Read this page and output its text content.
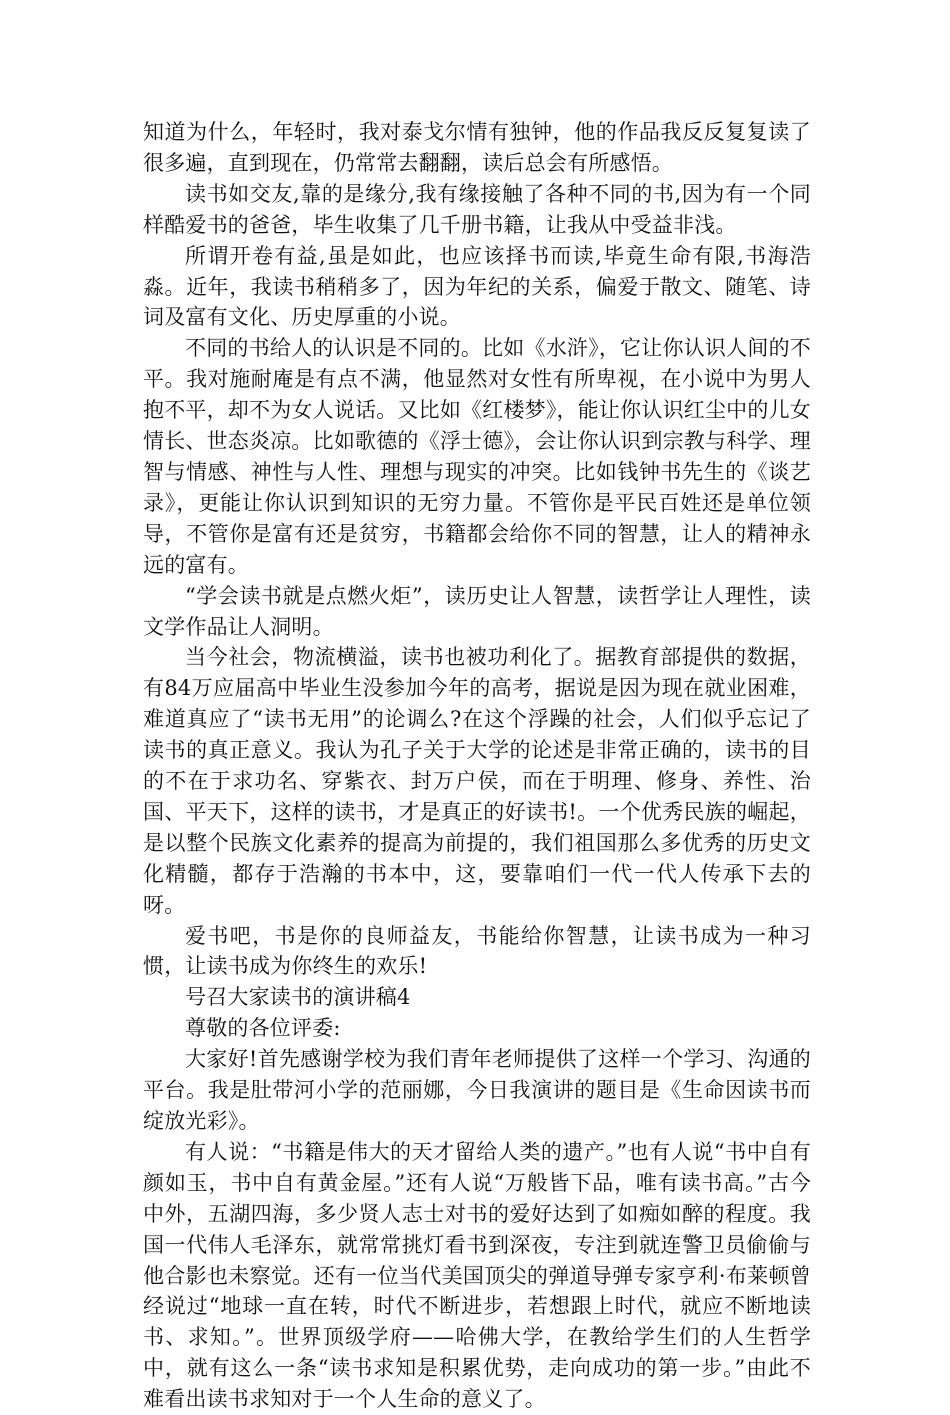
知道为什么，年轻时，我对泰戈尔情有独钟，他的作品我反反复复读了很多遍，直到现在，仍常常去翻翻，读后总会有所感悟。

读书如交友,靠的是缘分,我有缘接触了各种不同的书,因为有一个同样酷爱书的爸爸，毕生收集了几千册书籍，让我从中受益非浅。

所谓开卷有益,虽是如此，也应该择书而读,毕竟生命有限,书海浩淼。近年，我读书稍稍多了，因为年纪的关系，偏爱于散文、随笔、诗词及富有文化、历史厚重的小说。

不同的书给人的认识是不同的。比如《水浒》，它让你认识人间的不平。我对施耐庵是有点不满，他显然对女性有所卑视，在小说中为男人抱不平，却不为女人说话。又比如《红楼梦》，能让你认识红尘中的儿女情长、世态炎凉。比如歌德的《浮士德》，会让你认识到宗教与科学、理智与情感、神性与人性、理想与现实的冲突。比如钱钟书先生的《谈艺录》，更能让你认识到知识的无穷力量。不管你是平民百姓还是单位领导，不管你是富有还是贫穷，书籍都会给你不同的智慧，让人的精神永远的富有。

“学会读书就是点燃火炬”，读历史让人智慧，读哲学让人理性，读文学作品让人洞明。

当今社会，物流横溢，读书也被功利化了。据教育部提供的数据，有84万应届高中毕业生没参加今年的高考，据说是因为现在就业困难，难道真应了“读书无用”的论调么?在这个浮躁的社会，人们似乎忘记了读书的真正意义。我认为孔子关于大学的论述是非常正确的，读书的目的不在于求功名、穿紫衣、封万户侯，而在于明理、修身、养性、治国、平天下，这样的读书，才是真正的好读书!。一个优秀民族的崛起，是以整个民族文化素养的提高为前提的，我们祖国那么多优秀的历史文化精髓，都存于浩瀚的书本中，这，要靠咱们一代一代人传承下去的呀。

爱书吧，书是你的良师益友，书能给你智慧，让读书成为一种习惯，让读书成为你终生的欢乐!

号召大家读书的演讲稿4

尊敬的各位评委:

大家好!首先感谢学校为我们青年老师提供了这样一个学习、沟通的平台。我是肚带河小学的范丽娜，今日我演讲的题目是《生命因读书而绽放光彩》。

有人说：“书籍是伟大的天才留给人类的遗产。”也有人说“书中自有颜如玉，书中自有黄金屋。”还有人说“万般皆下品，唯有读书高。”古今中外，五湖四海，多少贤人志士对书的爱好达到了如痴如醉的程度。我国一代伟人毛泽东，就常常挑灯看书到深夜，专注到就连警卫员偷偷与他合影也未察觉。还有一位当代美国顶尖的弹道导弹专家亨利·布莱顿曾经说过“地球一直在转，时代不断进步，若想跟上时代，就应不断地读书、求知。”。世界顶级学府——哈佛大学，在教给学生们的人生哲学中，就有这么一条“读书求知是积累优势，走向成功的第一步。”由此不难看出读书求知对于一个人生命的意义了。
